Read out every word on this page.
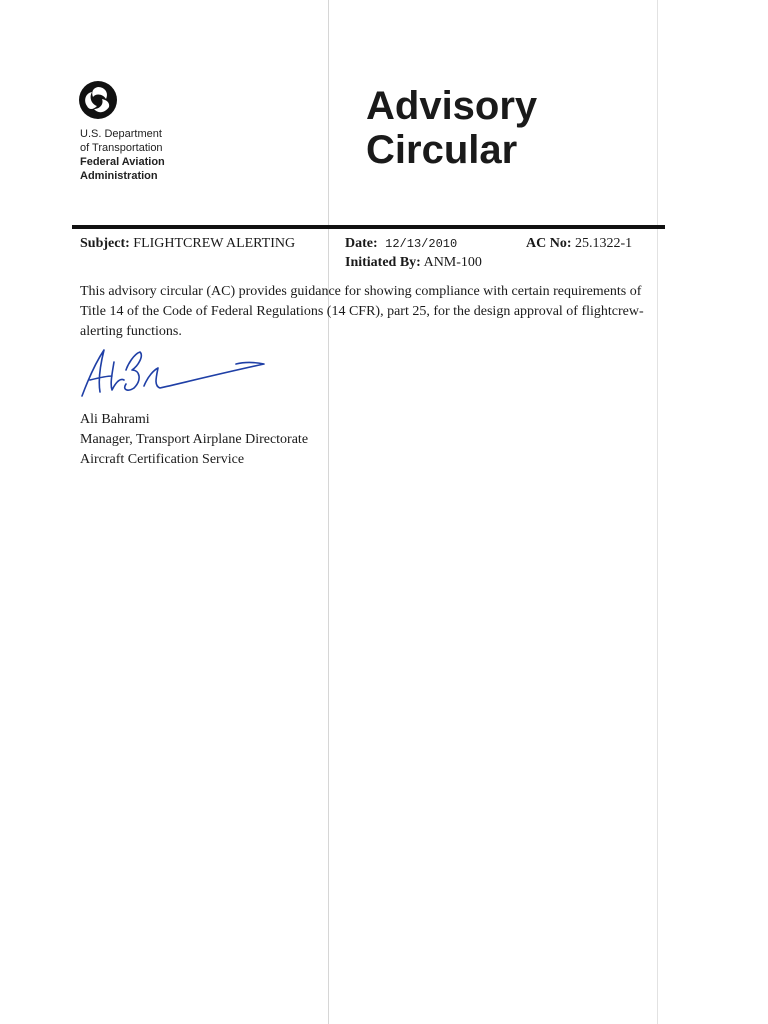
U.S. Department
of Transportation
Federal Aviation
Administration
Advisory
Circular
Subject: FLIGHTCREW ALERTING	Date: 12/13/2010
Initiated By: ANM-100
AC No: 25.1322-1
This advisory circular (AC) provides guidance for showing compliance with certain requirements of Title 14 of the Code of Federal Regulations (14 CFR), part 25, for the design approval of flightcrew-alerting functions.
Ali Bahrami
Manager, Transport Airplane Directorate
Aircraft Certification Service
